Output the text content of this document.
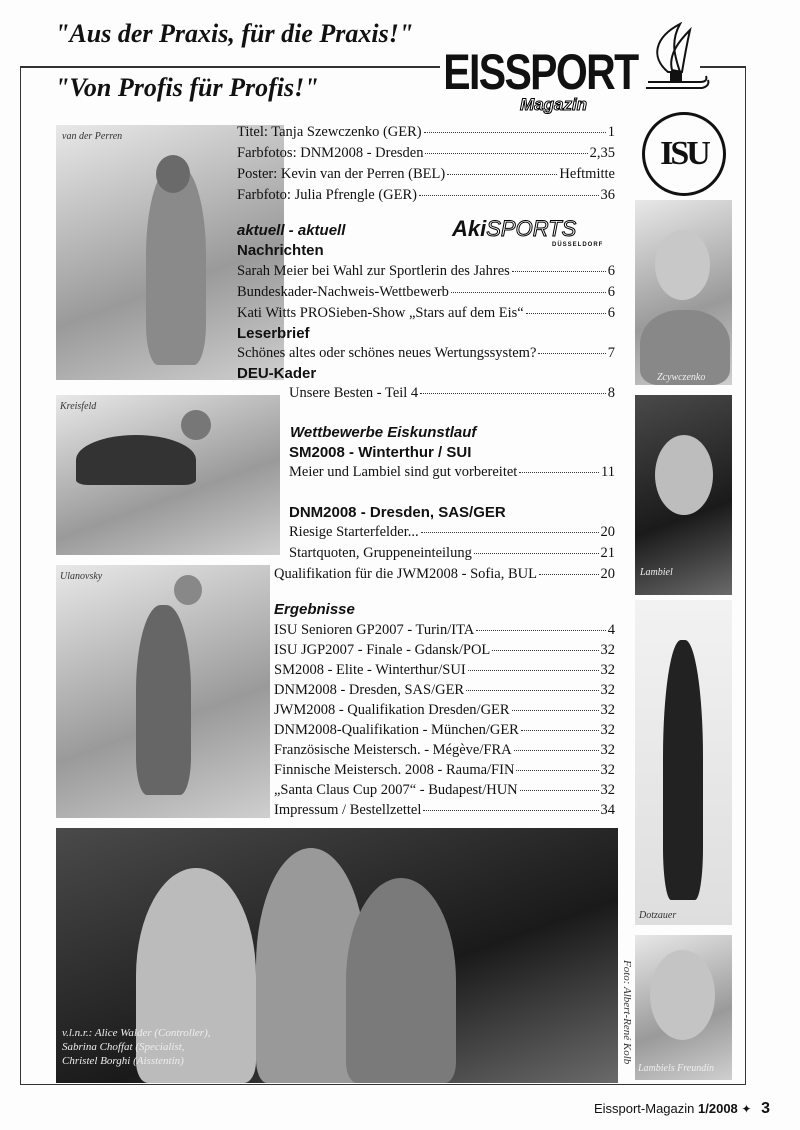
"Aus der Praxis, für die Praxis!"
"Von Profis für Profis!" EISSPORT
Magazin
ISU
van der Perren
Kreisfeld
Ulanovsky
v.l.n.r.: Alice Walder (Controller), Sabrina Choffat (Specialist, Christel Borghi (Aisstentin)	Foto: Albert-René Kolb
Zcywczenko
Lambiel
Dotzauer
Lambiels Freundin
Titel: Tanja Szewczenko (GER)	1
Farbfotos: DNM2008 - Dresden	2,35
Poster: Kevin van der Perren (BEL)	Heftmitte
Farbfoto: Julia Pfrengle (GER)	36
aktuell - aktuell	AkiSPORTS
DÜSSELDORF
Nachrichten
Sarah Meier bei Wahl zur Sportlerin des Jahres	6
Bundeskader-Nachweis-Wettbewerb	6
Kati Witts PROSieben-Show „Stars auf dem Eis“	6
Leserbrief
Schönes altes oder schönes neues Wertungssystem?	7
DEU-Kader
Unsere Besten - Teil 4	8
Wettbewerbe Eiskunstlauf
SM2008 - Winterthur / SUI
Meier und Lambiel sind gut vorbereitet	11
DNM2008 - Dresden, SAS/GER
Riesige Starterfelder...	20
Startquoten, Gruppeneinteilung	21
Qualifikation für die JWM2008 - Sofia, BUL	20
Ergebnisse
ISU Senioren GP2007 - Turin/ITA	4
ISU JGP2007 - Finale - Gdansk/POL	32
SM2008 - Elite - Winterthur/SUI	32
DNM2008 - Dresden, SAS/GER	32
JWM2008 - Qualifikation Dresden/GER	32
DNM2008-Qualifikation - München/GER	32
Französische Meistersch. - Mégève/FRA	32
Finnische Meistersch. 2008 - Rauma/FIN	32
„Santa Claus Cup 2007“ - Budapest/HUN	32
Impressum / Bestellzettel	34
Eissport-Magazin 1/2008 ✦ 3
